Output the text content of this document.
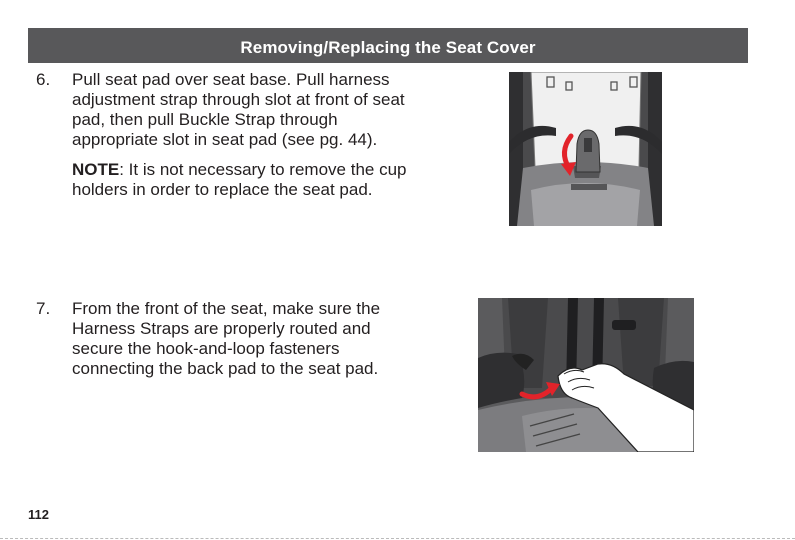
Removing/Replacing the Seat Cover
6. Pull seat pad over seat base. Pull harness adjustment strap through slot at front of seat pad, then pull Buckle Strap through appropriate slot in seat pad (see pg. 44).
NOTE: It is not necessary to remove the cup holders in order to replace the seat pad.
7. From the front of the seat, make sure the Harness Straps are properly routed and secure the hook-and-loop fasteners connecting the back pad to the seat pad.
112
